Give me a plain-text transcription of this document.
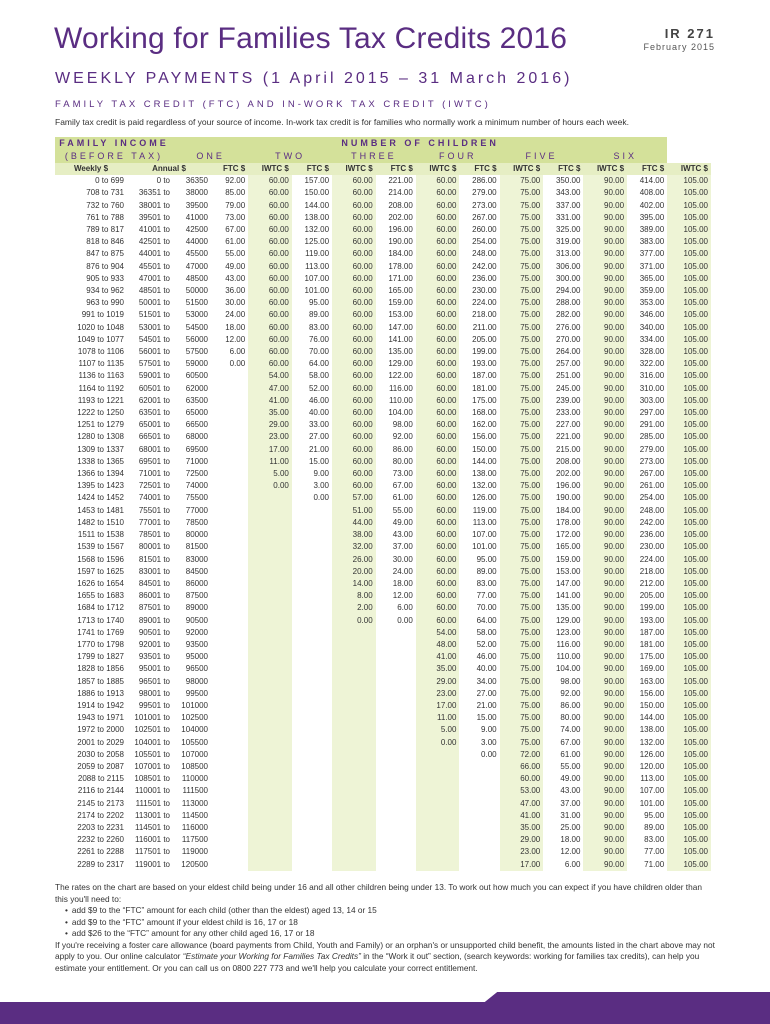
Working for Families Tax Credits 2016	IR 271
February 2015
WEEKLY PAYMENTS (1 April 2015 – 31 March 2016)
FAMILY TAX CREDIT (FTC) AND IN-WORK TAX CREDIT (IWTC)
Family tax credit is paid regardless of your source of income. In-work tax credit is for families who normally work a minimum number of hours each week.
FAMILY INCOME
(BEFORE TAX)		NUMBER OF CHILDREN												
		ONE		TWO		THREE		FOUR		FIVE		SIX		
Weekly $	Annual $		FTC $	IWTC $	FTC $	IWTC $	FTC $	IWTC $	FTC $	IWTC $	FTC $	IWTC $	FTC $	IWTC $
0 to 699	0 to	36350	92.00	60.00	157.00	60.00	221.00	60.00	286.00	75.00	350.00	90.00	414.00	105.00
708 to 731	36351 to	38000	85.00	60.00	150.00	60.00	214.00	60.00	279.00	75.00	343.00	90.00	408.00	105.00
732 to 760	38001 to	39500	79.00	60.00	144.00	60.00	208.00	60.00	273.00	75.00	337.00	90.00	402.00	105.00
761 to 788	39501 to	41000	73.00	60.00	138.00	60.00	202.00	60.00	267.00	75.00	331.00	90.00	395.00	105.00
789 to 817	41001 to	42500	67.00	60.00	132.00	60.00	196.00	60.00	260.00	75.00	325.00	90.00	389.00	105.00
818 to 846	42501 to	44000	61.00	60.00	125.00	60.00	190.00	60.00	254.00	75.00	319.00	90.00	383.00	105.00
847 to 875	44001 to	45500	55.00	60.00	119.00	60.00	184.00	60.00	248.00	75.00	313.00	90.00	377.00	105.00
876 to 904	45501 to	47000	49.00	60.00	113.00	60.00	178.00	60.00	242.00	75.00	306.00	90.00	371.00	105.00
905 to 933	47001 to	48500	43.00	60.00	107.00	60.00	171.00	60.00	236.00	75.00	300.00	90.00	365.00	105.00
934 to 962	48501 to	50000	36.00	60.00	101.00	60.00	165.00	60.00	230.00	75.00	294.00	90.00	359.00	105.00
963 to 990	50001 to	51500	30.00	60.00	95.00	60.00	159.00	60.00	224.00	75.00	288.00	90.00	353.00	105.00
991 to 1019	51501 to	53000	24.00	60.00	89.00	60.00	153.00	60.00	218.00	75.00	282.00	90.00	346.00	105.00
1020 to 1048	53001 to	54500	18.00	60.00	83.00	60.00	147.00	60.00	211.00	75.00	276.00	90.00	340.00	105.00
1049 to 1077	54501 to	56000	12.00	60.00	76.00	60.00	141.00	60.00	205.00	75.00	270.00	90.00	334.00	105.00
1078 to 1106	56001 to	57500	6.00	60.00	70.00	60.00	135.00	60.00	199.00	75.00	264.00	90.00	328.00	105.00
1107 to 1135	57501 to	59000	0.00	60.00	64.00	60.00	129.00	60.00	193.00	75.00	257.00	90.00	322.00	105.00
1136 to 1163	59001 to	60500		54.00	58.00	60.00	122.00	60.00	187.00	75.00	251.00	90.00	316.00	105.00
1164 to 1192	60501 to	62000		47.00	52.00	60.00	116.00	60.00	181.00	75.00	245.00	90.00	310.00	105.00
1193 to 1221	62001 to	63500		41.00	46.00	60.00	110.00	60.00	175.00	75.00	239.00	90.00	303.00	105.00
1222 to 1250	63501 to	65000		35.00	40.00	60.00	104.00	60.00	168.00	75.00	233.00	90.00	297.00	105.00
1251 to 1279	65001 to	66500		29.00	33.00	60.00	98.00	60.00	162.00	75.00	227.00	90.00	291.00	105.00
1280 to 1308	66501 to	68000		23.00	27.00	60.00	92.00	60.00	156.00	75.00	221.00	90.00	285.00	105.00
1309 to 1337	68001 to	69500		17.00	21.00	60.00	86.00	60.00	150.00	75.00	215.00	90.00	279.00	105.00
1338 to 1365	69501 to	71000		11.00	15.00	60.00	80.00	60.00	144.00	75.00	208.00	90.00	273.00	105.00
1366 to 1394	71001 to	72500		5.00	9.00	60.00	73.00	60.00	138.00	75.00	202.00	90.00	267.00	105.00
1395 to 1423	72501 to	74000		0.00	3.00	60.00	67.00	60.00	132.00	75.00	196.00	90.00	261.00	105.00
1424 to 1452	74001 to	75500			0.00	57.00	61.00	60.00	126.00	75.00	190.00	90.00	254.00	105.00
1453 to 1481	75501 to	77000				51.00	55.00	60.00	119.00	75.00	184.00	90.00	248.00	105.00
1482 to 1510	77001 to	78500				44.00	49.00	60.00	113.00	75.00	178.00	90.00	242.00	105.00
1511 to 1538	78501 to	80000				38.00	43.00	60.00	107.00	75.00	172.00	90.00	236.00	105.00
1539 to 1567	80001 to	81500				32.00	37.00	60.00	101.00	75.00	165.00	90.00	230.00	105.00
1568 to 1596	81501 to	83000				26.00	30.00	60.00	95.00	75.00	159.00	90.00	224.00	105.00
1597 to 1625	83001 to	84500				20.00	24.00	60.00	89.00	75.00	153.00	90.00	218.00	105.00
1626 to 1654	84501 to	86000				14.00	18.00	60.00	83.00	75.00	147.00	90.00	212.00	105.00
1655 to 1683	86001 to	87500				8.00	12.00	60.00	77.00	75.00	141.00	90.00	205.00	105.00
1684 to 1712	87501 to	89000				2.00	6.00	60.00	70.00	75.00	135.00	90.00	199.00	105.00
1713 to 1740	89001 to	90500				0.00	0.00	60.00	64.00	75.00	129.00	90.00	193.00	105.00
1741 to 1769	90501 to	92000						54.00	58.00	75.00	123.00	90.00	187.00	105.00
1770 to 1798	92001 to	93500						48.00	52.00	75.00	116.00	90.00	181.00	105.00
1799 to 1827	93501 to	95000						41.00	46.00	75.00	110.00	90.00	175.00	105.00
1828 to 1856	95001 to	96500						35.00	40.00	75.00	104.00	90.00	169.00	105.00
1857 to 1885	96501 to	98000						29.00	34.00	75.00	98.00	90.00	163.00	105.00
1886 to 1913	98001 to	99500						23.00	27.00	75.00	92.00	90.00	156.00	105.00
1914 to 1942	99501 to	101000						17.00	21.00	75.00	86.00	90.00	150.00	105.00
1943 to 1971	101001 to	102500						11.00	15.00	75.00	80.00	90.00	144.00	105.00
1972 to 2000	102501 to	104000						5.00	9.00	75.00	74.00	90.00	138.00	105.00
2001 to 2029	104001 to	105500						0.00	3.00	75.00	67.00	90.00	132.00	105.00
2030 to 2058	105501 to	107000							0.00	72.00	61.00	90.00	126.00	105.00
2059 to 2087	107001 to	108500								66.00	55.00	90.00	120.00	105.00
2088 to 2115	108501 to	110000								60.00	49.00	90.00	113.00	105.00
2116 to 2144	110001 to	111500								53.00	43.00	90.00	107.00	105.00
2145 to 2173	111501 to	113000								47.00	37.00	90.00	101.00	105.00
2174 to 2202	113001 to	114500								41.00	31.00	90.00	95.00	105.00
2203 to 2231	114501 to	116000								35.00	25.00	90.00	89.00	105.00
2232 to 2260	116001 to	117500								29.00	18.00	90.00	83.00	105.00
2261 to 2288	117501 to	119000								23.00	12.00	90.00	77.00	105.00
2289 to 2317	119001 to	120500								17.00	6.00	90.00	71.00	105.00

The rates on the chart are based on your eldest child being under 16 and all other children being under 13. To work out how much you can expect if you have children older than this you'll need to:

• add $9 to the “FTC” amount for each child (other than the eldest) aged 13, 14 or 15
• add $9 to the “FTC” amount if your eldest child is 16, 17 or 18
• add $26 to the “FTC” amount for any other child aged 16, 17 or 18

If you're receiving a foster care allowance (board payments from Child, Youth and Family) or an orphan's or unsupported child benefit, the amounts listed in the chart above may not apply to you. Our online calculator “Estimate your Working for Families Tax Credits” in the “Work it out” section, (search keywords: working for families tax credits), can help you estimate your entitlement. Or you can call us on 0800 227 773 and we'll help you calculate your correct entitlement.
